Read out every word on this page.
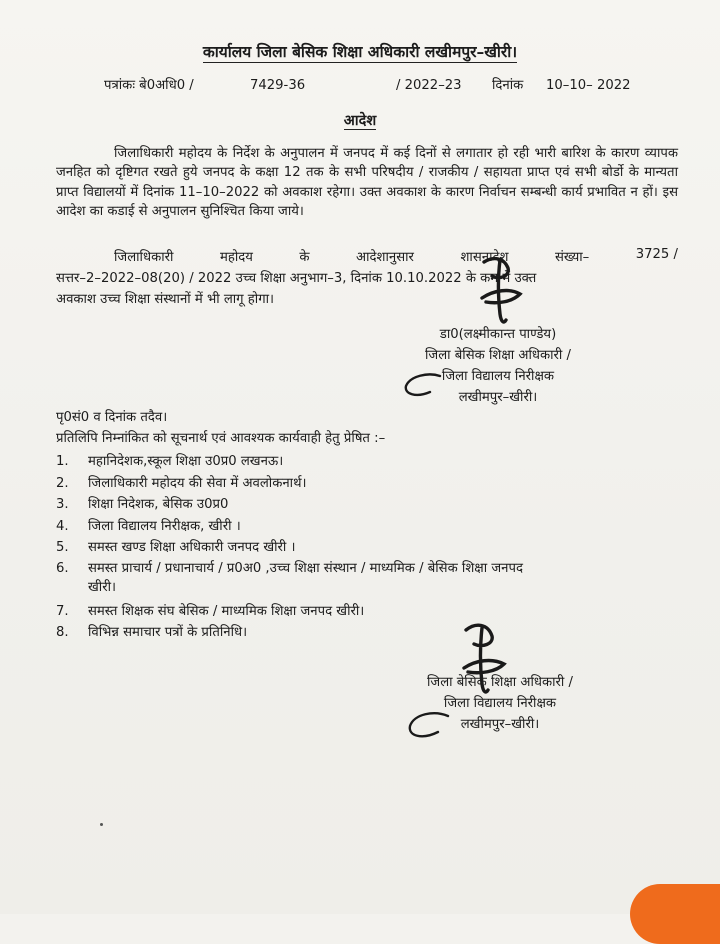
कार्यालय जिला बेसिक शिक्षा अधिकारी लखीमपुर–खीरी।
पत्रांकः बे0अधि0 /	7429-36	/ 2022–23 दिनांक 10–10– 2022
आदेश
जिलाधिकारी महोदय के निर्देश के अनुपालन में जनपद में कई दिनों से लगातार हो रही भारी बारिश के कारण व्यापक जनहित को दृष्टिगत रखते हुये जनपद के कक्षा 12 तक के सभी परिषदीय / राजकीय / सहायता प्राप्त एवं सभी बोर्डो के मान्यता प्राप्त विद्यालयों में दिनांक 11–10–2022 को अवकाश रहेगा। उक्त अवकाश के कारण निर्वाचन सम्बन्धी कार्य प्रभावित न हों। इस आदेश का कडाई से अनुपालन सुनिश्चित किया जाये।
जिलाधिकारी	महोदय	के	आदेशानुसार	शासनादेश	संख्या–	3725 /
सत्तर–2–2022–08(20) / 2022 उच्च शिक्षा अनुभाग–3, दिनांक 10.10.2022 के कम में उक्त
अवकाश उच्च शिक्षा संस्थानों में भी लागू होगा।
डा0(लक्ष्मीकान्त पाण्डेय)
जिला बेसिक शिक्षा अधिकारी /
जिला विद्यालय निरीक्षक
लखीमपुर–खीरी।
पृ0सं0 व दिनांक तदैव।
प्रतिलिपि निम्नांकित को सूचनार्थ एवं आवश्यक कार्यवाही हेतु प्रेषित :–
1. महानिदेशक,स्कूल शिक्षा उ0प्र0 लखनऊ।
2. जिलाधिकारी महोदय की सेवा में अवलोकनार्थ।
3. शिक्षा निदेशक, बेसिक उ0प्र0
4. जिला विद्यालय निरीक्षक, खीरी ।
5. समस्त खण्ड शिक्षा अधिकारी जनपद खीरी ।
6. समस्त प्राचार्य / प्रधानाचार्य / प्र0अ0 ,उच्च शिक्षा संस्थान / माध्यमिक / बेसिक शिक्षा जनपद
खीरी।
7. समस्त शिक्षक संघ बेसिक / माध्यमिक शिक्षा जनपद खीरी।
8. विभिन्न समाचार पत्रों के प्रतिनिधि।
जिला बेसिक शिक्षा अधिकारी /
जिला विद्यालय निरीक्षक
लखीमपुर–खीरी।
